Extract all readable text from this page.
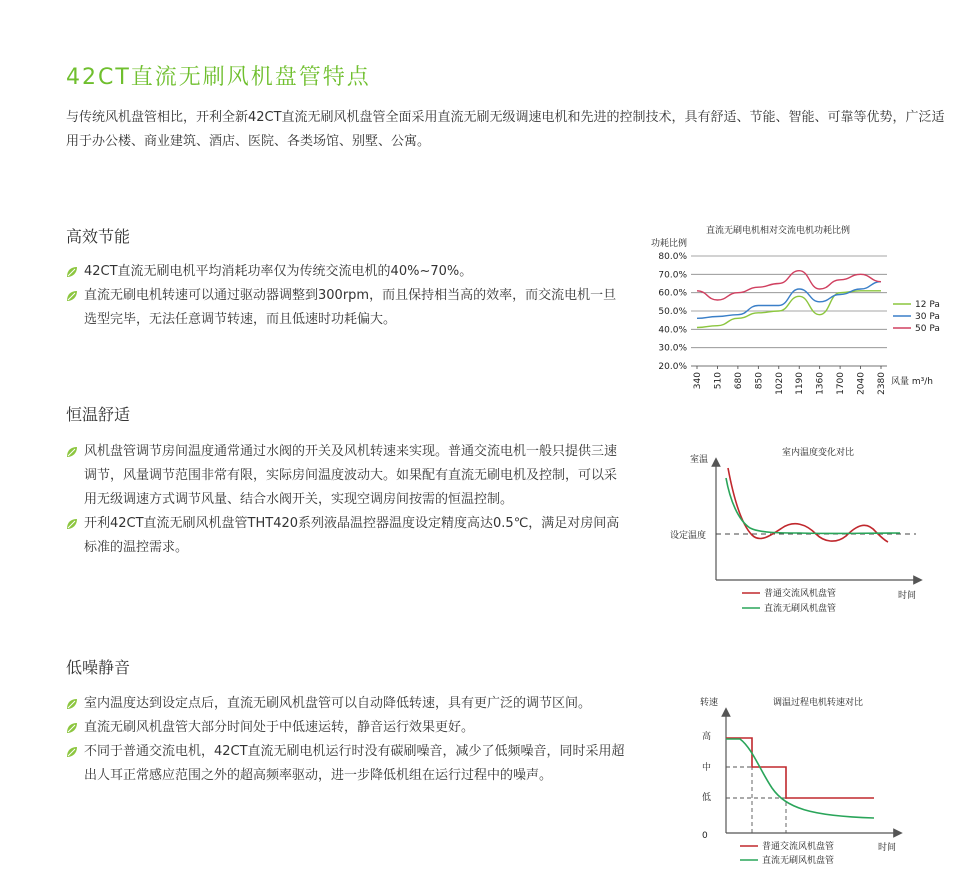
42CT直流无刷风机盘管特点

与传统风机盘管相比，开利全新42CT直流无刷风机盘管全面采用直流无刷无级调速电机和先进的控制技术，具有舒适、节能、智能、可靠等优势，广泛适用于办公楼、商业建筑、酒店、医院、各类场馆、别墅、公寓。

高效节能
42CT直流无刷电机平均消耗功率仅为传统交流电机的40%~70%。
直流无刷电机转速可以通过驱动器调整到300rpm，而且保持相当高的效率，而交流电机一旦选型完毕，无法任意调节转速，而且低速时功耗偏大。
恒温舒适
风机盘管调节房间温度通常通过水阀的开关及风机转速来实现。普通交流电机一般只提供三速调节，风量调节范围非常有限，实际房间温度波动大。如果配有直流无刷电机及控制，可以采用无级调速方式调节风量、结合水阀开关，实现空调房间按需的恒温控制。
开利42CT直流无刷风机盘管THT420系列液晶温控器温度设定精度高达0.5℃，满足对房间高标准的温控需求。
低噪静音
室内温度达到设定点后，直流无刷风机盘管可以自动降低转速，具有更广泛的调节区间。
直流无刷风机盘管大部分时间处于中低速运转，静音运行效果更好。
不同于普通交流电机，42CT直流无刷电机运行时没有碳刷噪音，减少了低频噪音，同时采用超出人耳正常感应范围之外的超高频率驱动，进一步降低机组在运行过程中的噪声。
直流无刷电机相对交流电机功耗比例
功耗比例
80.0%
70.0%
60.0%
50.0%
40.0%
30.0%
20.0%
340 510 680 850 1020 1190 1360 1700 2040 2380
12 Pa
30 Pa
50 Pa
风量 m³/h
室内温度变化对比
室温
设定温度
普通交流风机盘管
直流无刷风机盘管
时间
转速	调温过程电机转速对比
高
中
低
0
普通交流风机盘管
直流无刷风机盘管
时间
